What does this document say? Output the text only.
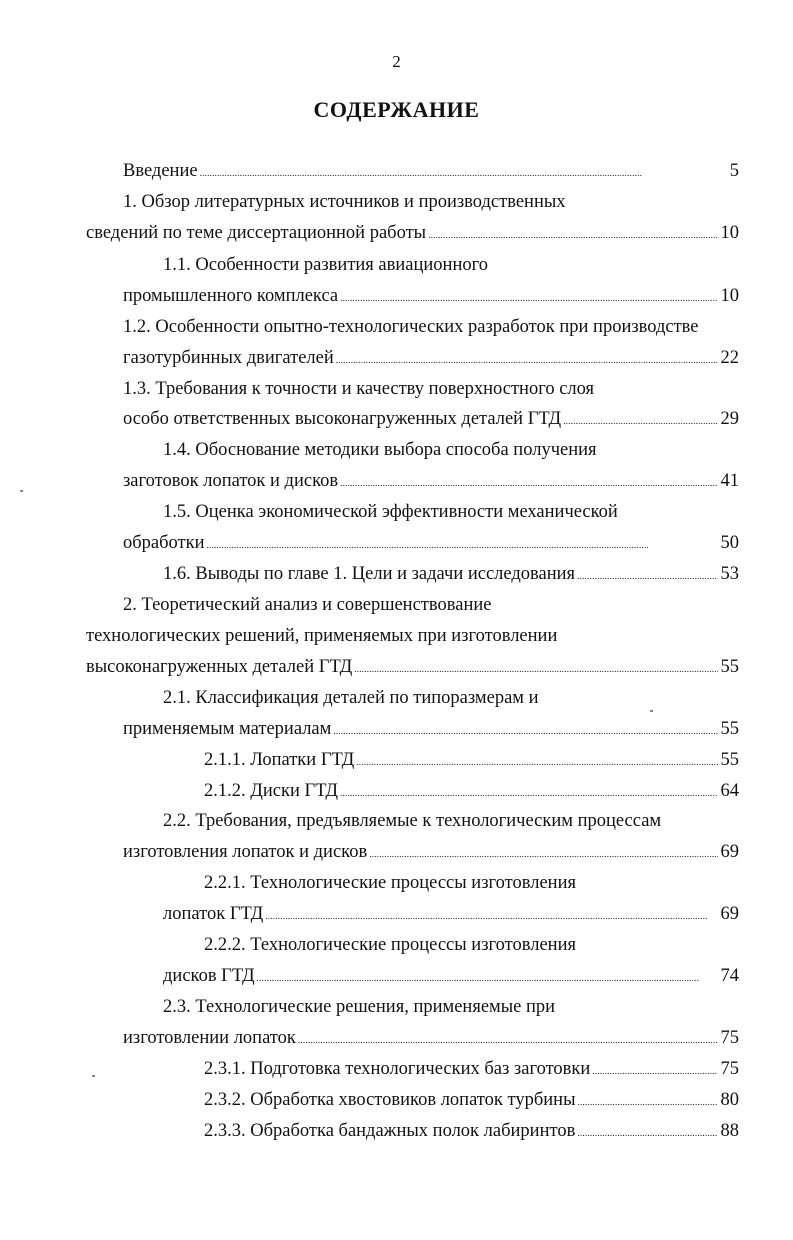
2
СОДЕРЖАНИЕ
Введение . . .	5
1. Обзор литературных источников и производственных
сведений по теме диссертационной работы . . .	10
1.1. Особенности развития авиационного
промышленного комплекса . . .	10
1.2. Особенности опытно-технологических разработок при производстве
газотурбинных двигателей . . .	22
1.3. Требования к точности и качеству поверхностного слоя
особо ответственных высоконагруженных деталей ГТД . . .	29
1.4. Обоснование методики выбора способа получения
заготовок лопаток и дисков . . .	41
1.5. Оценка экономической эффективности механической
обработки . . .	50
1.6. Выводы по главе 1. Цели и задачи исследования . . .	53
2. Теоретический анализ и совершенствование
технологических решений, применяемых при изготовлении
высоконагруженных деталей ГТД . . .	55
2.1. Классификация деталей по типоразмерам и
применяемым материалам . . .	55
2.1.1. Лопатки ГТД . . .	55
2.1.2. Диски ГТД . . .	64
2.2. Требования, предъявляемые к технологическим процессам
изготовления лопаток и дисков . . .	69
2.2.1. Технологические процессы изготовления
лопаток ГТД . . .	69
2.2.2. Технологические процессы изготовления
дисков ГТД . . .	74
2.3. Технологические решения, применяемые при
изготовлении лопаток . . .	75
2.3.1. Подготовка технологических баз заготовки . . .	75
2.3.2. Обработка хвостовиков лопаток турбины . . .	80
2.3.3. Обработка бандажных полок лабиринтов . . .	88
